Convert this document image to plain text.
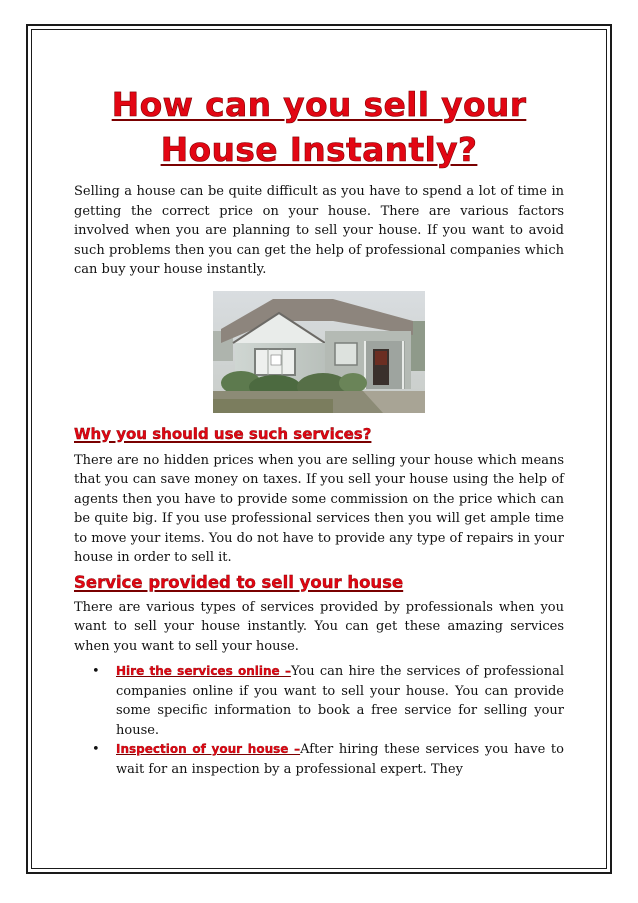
How can you sell your House Instantly?

Selling a house can be quite difficult as you have to spend a lot of time in getting the correct price on your house. There are various factors involved when you are planning to sell your house. If you want to avoid such problems then you can get the help of professional companies which can buy your house instantly.

Why you should use such services?

There are no hidden prices when you are selling your house which means that you can save money on taxes. If you sell your house using the help of agents then you have to provide some commission on the price which can be quite big. If you use professional services then you will get ample time to move your items. You do not have to provide any type of repairs in your house in order to sell it.

Service provided to sell your house

There are various types of services provided by professionals when you want to sell your house instantly. You can get these amazing services when you want to sell your house.

• Hire the services online –You can hire the services of professional companies online if you want to sell your house. You can provide some specific information to book a free service for selling your house.

• Inspection of your house –After hiring these services you have to wait for an inspection by a professional expert. They
